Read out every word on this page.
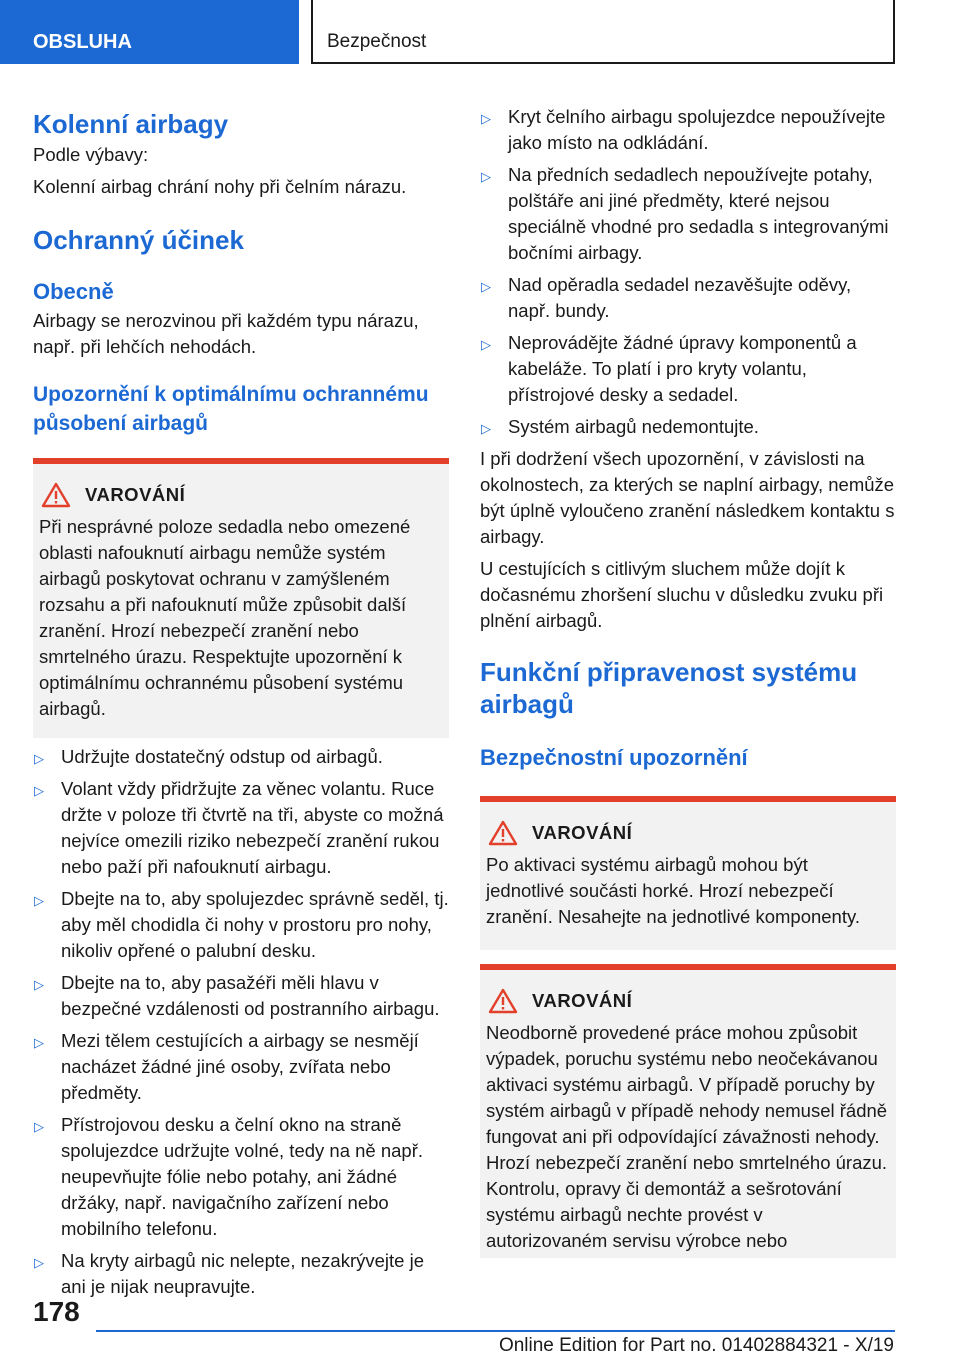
OBSLUHA	Bezpečnost
Kolenní airbagy

Podle výbavy:

Kolenní airbag chrání nohy při čelním nárazu.

Ochranný účinek
Obecně

Airbagy se nerozvinou při každém typu nárazu, např. při lehčích nehodách.

Upozornění k optimálnímu ochrannému působení airbagů
VAROVÁNÍ

Při nesprávné poloze sedadla nebo omezené oblasti nafouknutí airbagu nemůže systém airbagů poskytovat ochranu v zamýšleném rozsahu a při nafouknutí může způsobit další zranění. Hrozí nebezpečí zranění nebo smrtelného úrazu. Respektujte upozornění k optimálnímu ochrannému působení systému airbagů.

▷ Udržujte dostatečný odstup od airbagů.
▷ Volant vždy přidržujte za věnec volantu. Ruce držte v poloze tři čtvrtě na tři, abyste co možná nejvíce omezili riziko nebezpečí zranění rukou nebo paží při nafouknutí airbagu.
▷ Dbejte na to, aby spolujezdec správně seděl, tj. aby měl chodidla či nohy v prostoru pro nohy, nikoliv opřené o palubní desku.
▷ Dbejte na to, aby pasažéři měli hlavu v bezpečné vzdálenosti od postranního airbagu.
▷ Mezi tělem cestujících a airbagy se nesmějí nacházet žádné jiné osoby, zvířata nebo předměty.
▷ Přístrojovou desku a čelní okno na straně spolujezdce udržujte volné, tedy na ně např. neupevňujte fólie nebo potahy, ani žádné držáky, např. navigačního zařízení nebo mobilního telefonu.
▷ Na kryty airbagů nic nelepte, nezakrývejte je ani je nijak neupravujte.
▷ Kryt čelního airbagu spolujezdce nepoužívejte jako místo na odkládání.
▷ Na předních sedadlech nepoužívejte potahy, polštáře ani jiné předměty, které nejsou speciálně vhodné pro sedadla s integrovanými bočními airbagy.
▷ Nad opěradla sedadel nezavěšujte oděvy, např. bundy.
▷ Neprovádějte žádné úpravy komponentů a kabeláže. To platí i pro kryty volantu, přístrojové desky a sedadel.
▷ Systém airbagů nedemontujte.

I při dodržení všech upozornění, v závislosti na okolnostech, za kterých se naplní airbagy, nemůže být úplně vyloučeno zranění následkem kontaktu s airbagy.

U cestujících s citlivým sluchem může dojít k dočasnému zhoršení sluchu v důsledku zvuku při plnění airbagů.

Funkční připravenost systému airbagů
Bezpečnostní upozornění
VAROVÁNÍ

Po aktivaci systému airbagů mohou být jednotlivé součásti horké. Hrozí nebezpečí zranění. Nesahejte na jednotlivé komponenty.

VAROVÁNÍ

Neodborně provedené práce mohou způsobit výpadek, poruchu systému nebo neočekávanou aktivaci systému airbagů. V případě poruchy by systém airbagů v případě nehody nemusel řádně fungovat ani při odpovídající závažnosti nehody. Hrozí nebezpečí zranění nebo smrtelného úrazu. Kontrolu, opravy či demontáž a sešrotování systému airbagů nechte provést v autorizovaném servisu výrobce nebo

178
Online Edition for Part no. 01402884321 - X/19
